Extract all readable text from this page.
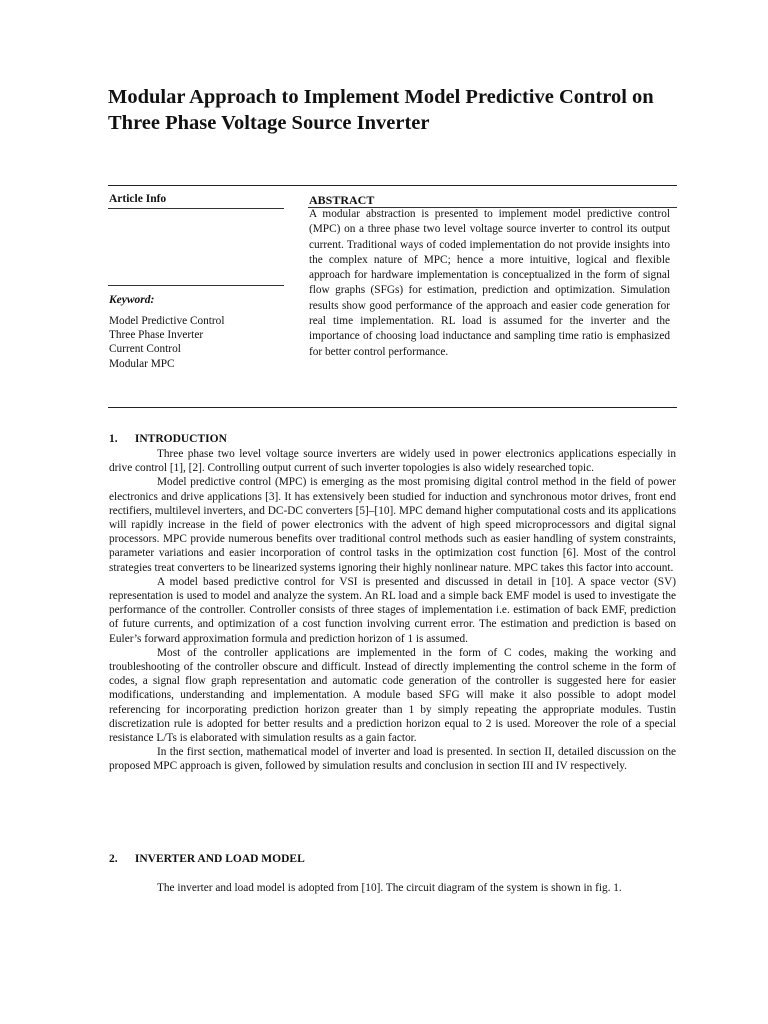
Modular Approach to Implement Model Predictive Control on Three Phase Voltage Source Inverter
Article Info	ABSTRACT

A modular abstraction is presented to implement model predictive control (MPC) on a three phase two level voltage source inverter to control its output current. Traditional ways of coded implementation do not provide insights into the complex nature of MPC; hence a more intuitive, logical and flexible approach for hardware implementation is conceptualized in the form of signal flow graphs (SFGs) for estimation, prediction and optimization. Simulation results show good performance of the approach and easier code generation for real time implementation. RL load is assumed for the inverter and the importance of choosing load inductance and sampling time ratio is emphasized for better control performance.

Keyword:
Model Predictive Control
Three Phase Inverter
Current Control
Modular MPC
1.      INTRODUCTION

Three phase two level voltage source inverters are widely used in power electronics applications especially in drive control [1], [2]. Controlling output current of such inverter topologies is also widely researched topic.

Model predictive control (MPC) is emerging as the most promising digital control method in the field of power electronics and drive applications [3]. It has extensively been studied for induction and synchronous motor drives, front end rectifiers, multilevel inverters, and DC-DC converters [5]–[10]. MPC demand higher computational costs and its applications will rapidly increase in the field of power electronics with the advent of high speed microprocessors and digital signal processors. MPC provide numerous benefits over traditional control methods such as easier handling of system constraints, parameter variations and easier incorporation of control tasks in the optimization cost function [6]. Most of the control strategies treat converters to be linearized systems ignoring their highly nonlinear nature. MPC takes this factor into account.

A model based predictive control for VSI is presented and discussed in detail in [10]. A space vector (SV) representation is used to model and analyze the system. An RL load and a simple back EMF model is used to investigate the performance of the controller. Controller consists of three stages of implementation i.e. estimation of back EMF, prediction of future currents, and optimization of a cost function involving current error. The estimation and prediction is based on Euler’s forward approximation formula and prediction horizon of 1 is assumed.

Most of the controller applications are implemented in the form of C codes, making the working and troubleshooting of the controller obscure and difficult. Instead of directly implementing the control scheme in the form of codes, a signal flow graph representation and automatic code generation of the controller is suggested here for easier modifications, understanding and implementation. A module based SFG will make it also possible to adopt model referencing for incorporating prediction horizon greater than 1 by simply repeating the appropriate modules. Tustin discretization rule is adopted for better results and a prediction horizon equal to 2 is used. Moreover the role of a special resistance L/Ts is elaborated with simulation results as a gain factor.

In the first section, mathematical model of inverter and load is presented. In section II, detailed discussion on the proposed MPC approach is given, followed by simulation results and conclusion in section III and IV respectively.

2.      INVERTER AND LOAD MODEL

The inverter and load model is adopted from [10]. The circuit diagram of the system is shown in fig. 1.
